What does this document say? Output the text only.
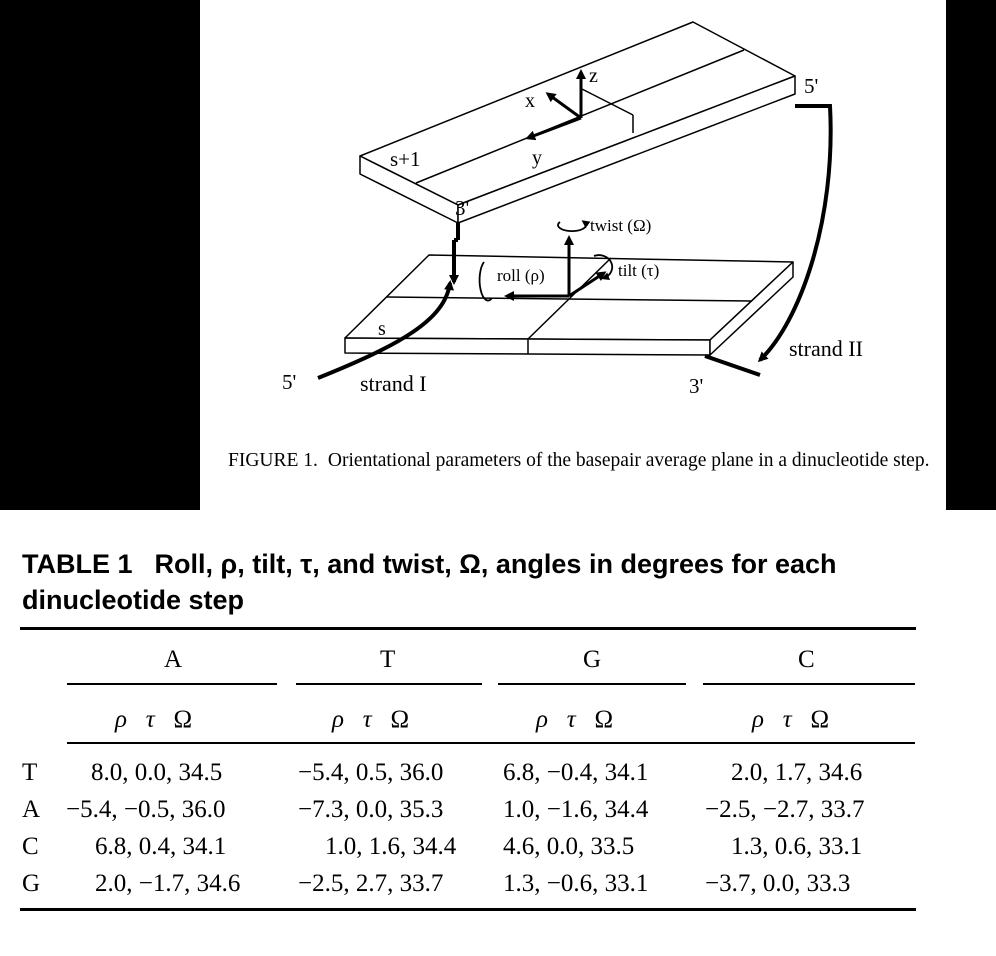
z
x
y
5'
s+1
3'
twist (Ω)
roll (ρ)	tilt (τ)
s
5'	strand I	3'
strand II
FIGURE 1. Orientational parameters of the basepair average plane in a dinucleotide step.
TABLE 1 Roll, ρ, tilt, τ, and twist, Ω, angles in degrees for each dinucleotide step
A	T	G	C
ρ τ Ω	ρ τ Ω	ρ τ Ω	ρ τ Ω
T 8.0, 0.0, 34.5	−5.4, 0.5, 36.0 6.8, −0.4, 34.1	2.0, 1.7, 34.6
A −5.4, −0.5, 36.0	−7.3, 0.0, 35.3 1.0, −1.6, 34.4 −2.5, −2.7, 33.7
C 6.8, 0.4, 34.1	1.0, 1.6, 34.4 4.6, 0.0, 33.5	1.3, 0.6, 33.1
G 2.0, −1.7, 34.6 −2.5, 2.7, 33.7 1.3, −0.6, 33.1 −3.7, 0.0, 33.3
